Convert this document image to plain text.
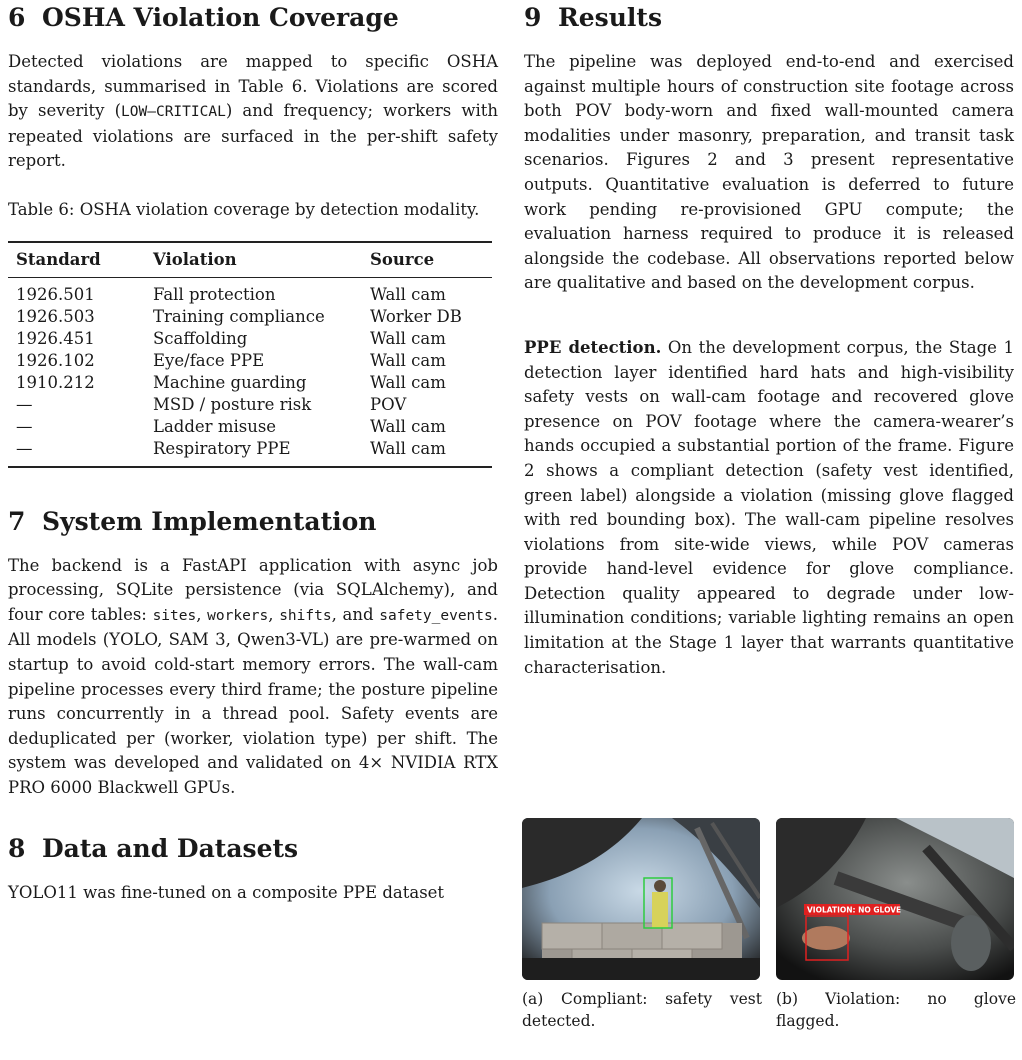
6 OSHA Violation Coverage

Detected violations are mapped to specific OSHA standards, summarised in Table 6. Violations are scored by severity (LOW–CRITICAL) and frequency; workers with repeated violations are surfaced in the per-shift safety report.

Table 6: OSHA violation coverage by detection modality.

Standard	Violation	Source
1926.501	Fall protection	Wall cam
1926.503	Training compliance	Worker DB
1926.451	Scaffolding	Wall cam
1926.102	Eye/face PPE	Wall cam
1910.212	Machine guarding	Wall cam
—	MSD / posture risk	POV
—	Ladder misuse	Wall cam
—	Respiratory PPE	Wall cam

7 System Implementation

The backend is a FastAPI application with async job processing, SQLite persistence (via SQLAlchemy), and four core tables: sites, workers, shifts, and safety_events. All models (YOLO, SAM 3, Qwen3-VL) are pre-warmed on startup to avoid cold-start memory errors. The wall-cam pipeline processes every third frame; the posture pipeline runs concurrently in a thread pool. Safety events are deduplicated per (worker, violation type) per shift. The system was developed and validated on 4× NVIDIA RTX PRO 6000 Blackwell GPUs.

8 Data and Datasets

YOLO11 was fine-tuned on a composite PPE dataset

9 Results

The pipeline was deployed end-to-end and exercised against multiple hours of construction site footage across both POV body-worn and fixed wall-mounted camera modalities under masonry, preparation, and transit task scenarios. Figures 2 and 3 present representative outputs. Quantitative evaluation is deferred to future work pending re-provisioned GPU compute; the evaluation harness required to produce it is released alongside the codebase. All observations reported below are qualitative and based on the development corpus.

PPE detection. On the development corpus, the Stage 1 detection layer identified hard hats and high-visibility safety vests on wall-cam footage and recovered glove presence on POV footage where the camera-wearer’s hands occupied a substantial portion of the frame. Figure 2 shows a compliant detection (safety vest identified, green label) alongside a violation (missing glove flagged with red bounding box). The wall-cam pipeline resolves violations from site-wide views, while POV cameras provide hand-level evidence for glove compliance. Detection quality appeared to degrade under low-illumination conditions; variable lighting remains an open limitation at the Stage 1 layer that warrants quantitative characterisation.

(a) Compliant: safety vest detected.
VIOLATION: NO GLOVE
(b) Violation: no glove flagged.
